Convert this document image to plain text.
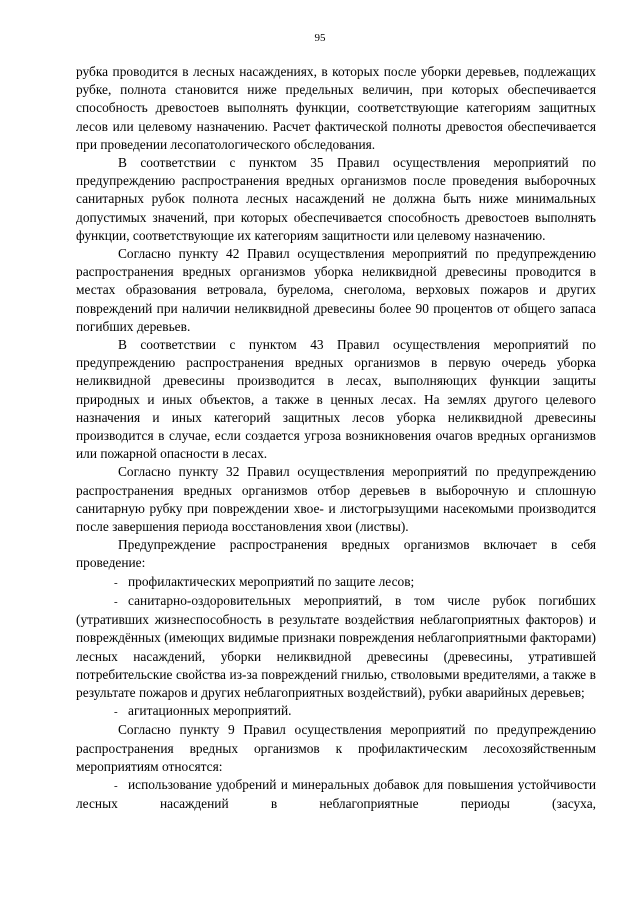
95

рубка проводится в лесных насаждениях, в которых после уборки деревьев, подлежащих рубке, полнота становится ниже предельных величин, при которых обеспечивается способность древостоев выполнять функции, соответствующие категориям защитных лесов или целевому назначению. Расчет фактической полноты древостоя обеспечивается при проведении лесопатологического обследования.

В соответствии с пунктом 35 Правил осуществления мероприятий по предупреждению распространения вредных организмов после проведения выборочных санитарных рубок полнота лесных насаждений не должна быть ниже минимальных допустимых значений, при которых обеспечивается способность древостоев выполнять функции, соответствующие их категориям защитности или целевому назначению.

Согласно пункту 42 Правил осуществления мероприятий по предупреждению распространения вредных организмов уборка неликвидной древесины проводится в местах образования ветровала, бурелома, снеголома, верховых пожаров и других повреждений при наличии неликвидной древесины более 90 процентов от общего запаса погибших деревьев.

В соответствии с пунктом 43 Правил осуществления мероприятий по предупреждению распространения вредных организмов в первую очередь уборка неликвидной древесины производится в лесах, выполняющих функции защиты природных и иных объектов, а также в ценных лесах. На землях другого целевого назначения и иных категорий защитных лесов уборка неликвидной древесины производится в случае, если создается угроза возникновения очагов вредных организмов или пожарной опасности в лесах.

Согласно пункту 32 Правил осуществления мероприятий по предупреждению распространения вредных организмов отбор деревьев в выборочную и сплошную санитарную рубку при повреждении хвое- и листогрызущими насекомыми производится после завершения периода восстановления хвои (листвы).

Предупреждение распространения вредных организмов включает в себя проведение:

- профилактических мероприятий по защите лесов;

- санитарно-оздоровительных мероприятий, в том числе рубок погибших (утративших жизнеспособность в результате воздействия неблагоприятных факторов) и повреждённых (имеющих видимые признаки повреждения неблагоприятными факторами) лесных насаждений, уборки неликвидной древесины (древесины, утратившей потребительские свойства из-за повреждений гнилью, стволовыми вредителями, а также в результате пожаров и других неблагоприятных воздействий), рубки аварийных деревьев;

- агитационных мероприятий.

Согласно пункту 9 Правил осуществления мероприятий по предупреждению распространения вредных организмов к профилактическим лесохозяйственным мероприятиям относятся:

- использование удобрений и минеральных добавок для повышения устойчивости лесных насаждений в неблагоприятные периоды (засуха,
